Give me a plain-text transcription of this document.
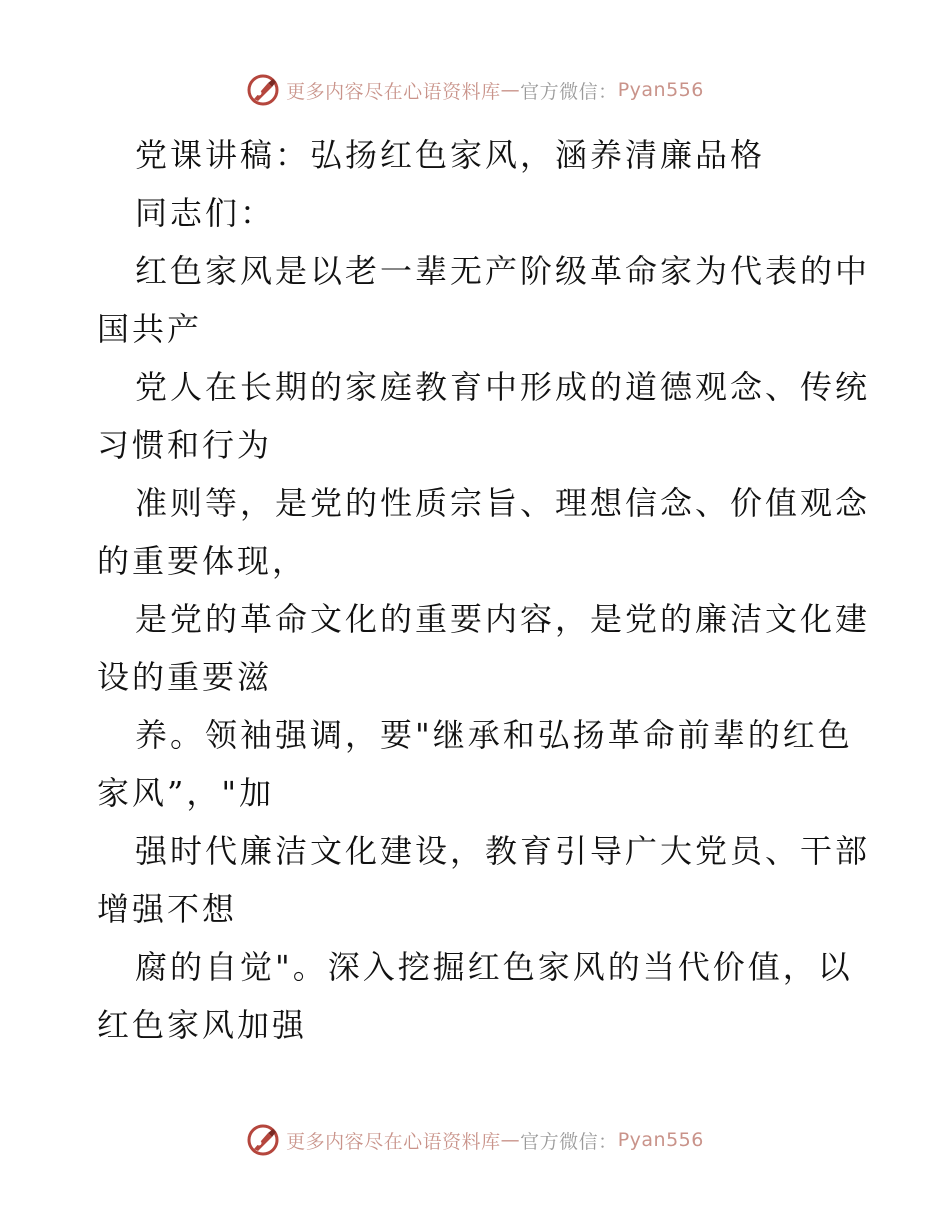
更多内容尽在心语资料库 — 官方微信： Pyan556

党课讲稿：弘扬红色家风，涵养清廉品格

同志们：

红色家风是以老一辈无产阶级革命家为代表的中

国共产

党人在长期的家庭教育中形成的道德观念、传统

习惯和行为

准则等，是党的性质宗旨、理想信念、价值观念

的重要体现，

是党的革命文化的重要内容，是党的廉洁文化建

设的重要滋

养。领袖强调，要"继承和弘扬革命前辈的红色

家风”，"加

强时代廉洁文化建设，教育引导广大党员、干部

增强不想

腐的自觉"。深入挖掘红色家风的当代价值，以

红色家风加强

更多内容尽在心语资料库 — 官方微信： Pyan556
